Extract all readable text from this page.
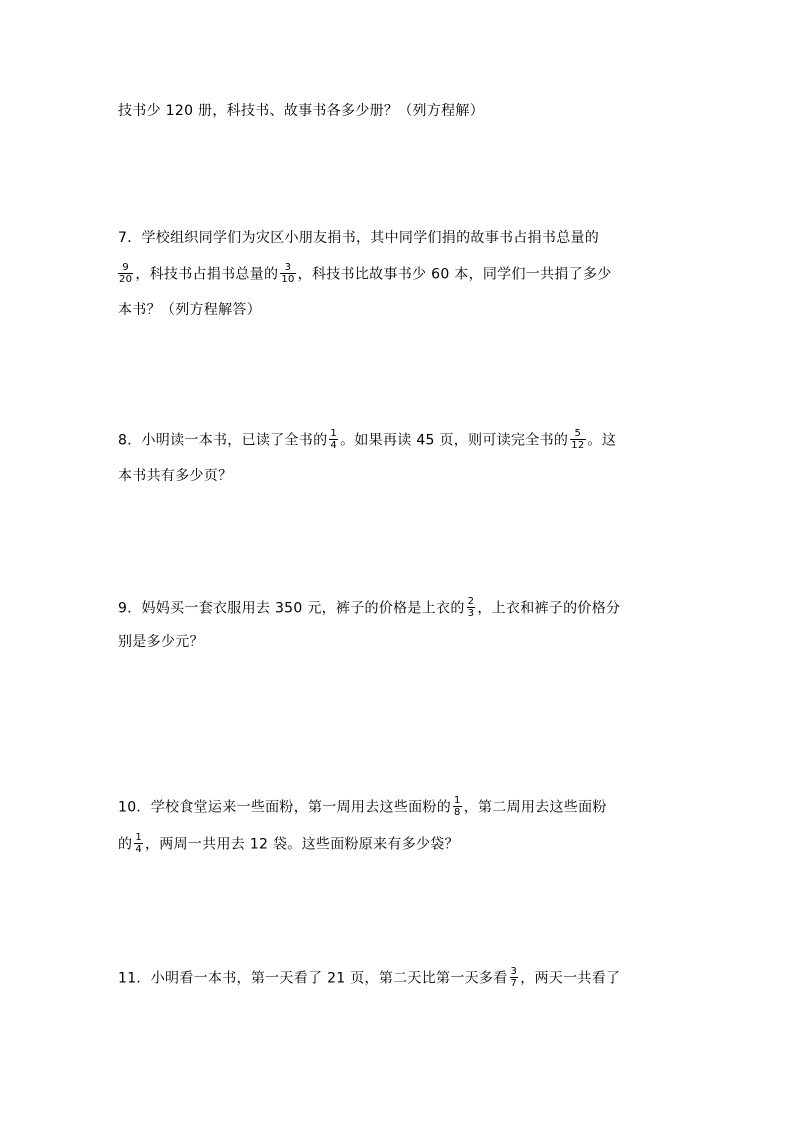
技书少 120 册，科技书、故事书各多少册？（列方程解）
7．学校组织同学们为灾区小朋友捐书，其中同学们捐的故事书占捐书总量的
$\frac{9}{20}$ ，科技书占捐书总量的 $\frac{3}{10}$ ，科技书比故事书少 60 本，同学们一共捐了多少
本书？（列方程解答）
8．小明读一本书，已读了全书的 $\frac{1}{4}$ 。如果再读 45 页，则可读完全书的 $\frac{5}{12}$ 。这
本书共有多少页？
9．妈妈买一套衣服用去 350 元，裤子的价格是上衣的 $\frac{2}{3}$ ，上衣和裤子的价格分
别是多少元？
10．学校食堂运来一些面粉，第一周用去这些面粉的 $\frac{1}{8}$ ，第二周用去这些面粉
的 $\frac{1}{4}$ ，两周一共用去 12 袋。这些面粉原来有多少袋？
11．小明看一本书，第一天看了 21 页，第二天比第一天多看 $\frac{3}{7}$ ，两天一共看了
